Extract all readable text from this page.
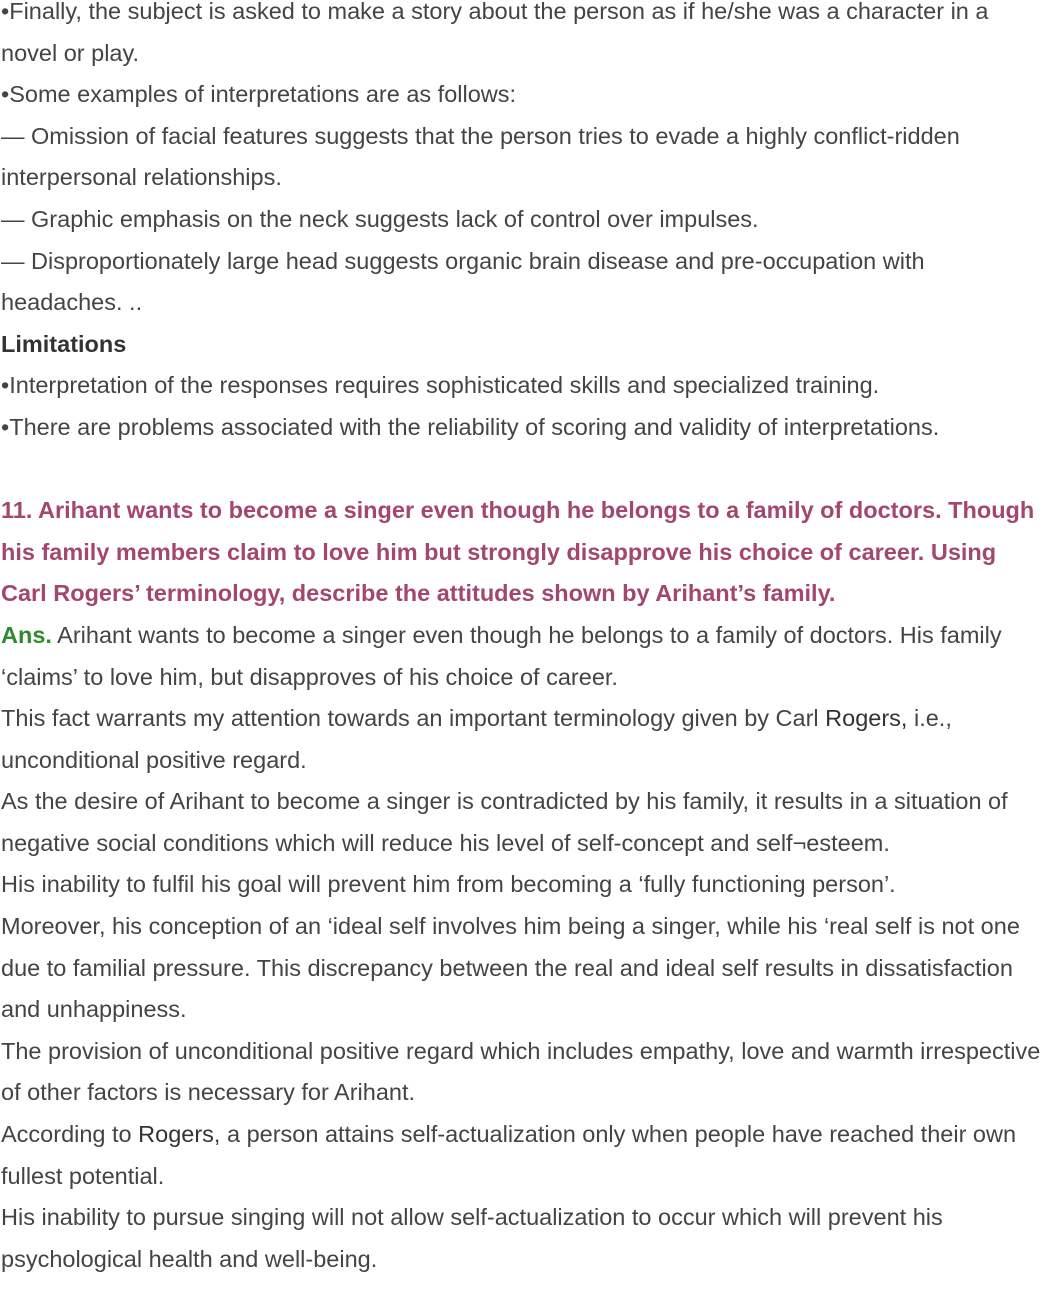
•Finally, the subject is asked to make a story about the person as if he/she was a character in a novel or play.

•Some examples of interpretations are as follows:

— Omission of facial features suggests that the person tries to evade a highly conflict-ridden interpersonal relationships.

— Graphic emphasis on the neck suggests lack of control over impulses.

— Disproportionately large head suggests organic brain disease and pre-occupation with headaches. ..

Limitations

•Interpretation of the responses requires sophisticated skills and specialized training.

•There are problems associated with the reliability of scoring and validity of interpretations.

11. Arihant wants to become a singer even though he belongs to a family of doctors. Though his family members claim to love him but strongly disapprove his choice of career. Using Carl Rogers’ terminology, describe the attitudes shown by Arihant’s family.

Ans. Arihant wants to become a singer even though he belongs to a family of doctors. His family ‘claims’ to love him, but disapproves of his choice of career.

This fact warrants my attention towards an important terminology given by Carl Rogers, i.e., unconditional positive regard.

As the desire of Arihant to become a singer is contradicted by his family, it results in a situation of negative social conditions which will reduce his level of self-concept and self¬esteem.

His inability to fulfil his goal will prevent him from becoming a ‘fully functioning person’.

Moreover, his conception of an ‘ideal self involves him being a singer, while his ‘real self is not one due to familial pressure. This discrepancy between the real and ideal self results in dissatisfaction and unhappiness.

The provision of unconditional positive regard which includes empathy, love and warmth irrespective of other factors is necessary for Arihant.

According to Rogers, a person attains self-actualization only when people have reached their own fullest potential.

His inability to pursue singing will not allow self-actualization to occur which will prevent his psychological health and well-being.
